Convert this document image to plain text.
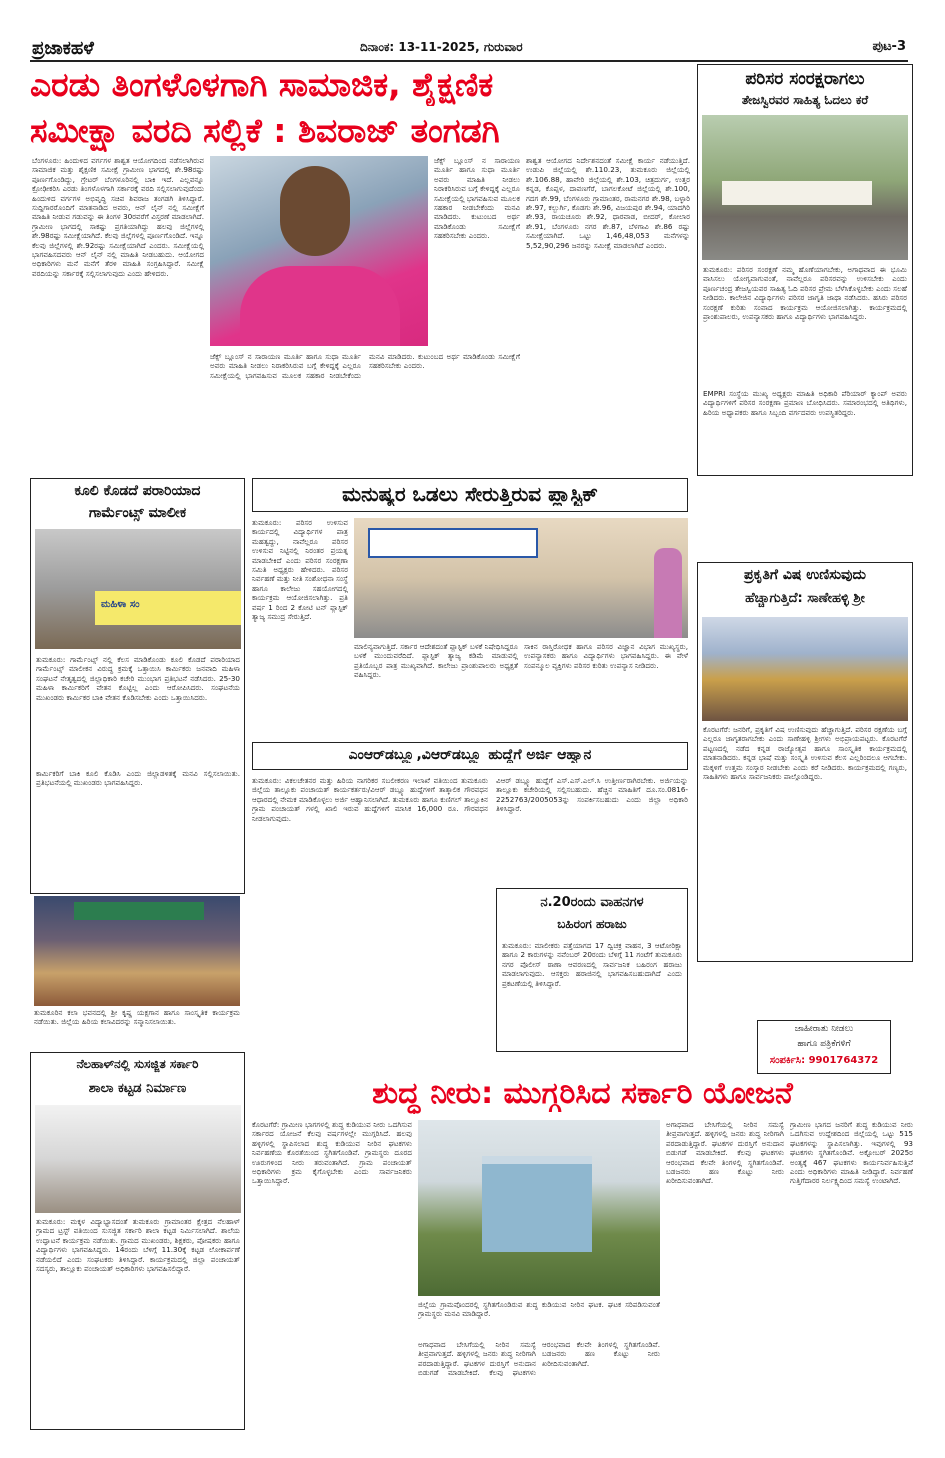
ಪ್ರಜಾಕಹಳೆ	ದಿನಾಂಕ: 13-11-2025, ಗುರುವಾರ	ಪುಟ-3
ಎರಡು ತಿಂಗಳೊಳಗಾಗಿ ಸಾಮಾಜಿಕ, ಶೈಕ್ಷಣಿಕ
ಸಮೀಕ್ಷಾ ವರದಿ ಸಲ್ಲಿಕೆ : ಶಿವರಾಜ್ ತಂಗಡಗಿ
ಬೆಂಗಳೂರು: ಹಿಂದುಳಿದ ವರ್ಗಗಳ ಶಾಶ್ವತ ಆಯೋಗದಿಂದ ನಡೆಸಲಾಗಿರುವ ಸಾಮಾಜಿಕ ಮತ್ತು ಶೈಕ್ಷಣಿಕ ಸಮೀಕ್ಷೆ ಗ್ರಾಮೀಣ ಭಾಗದಲ್ಲಿ ಶೇ.98ರಷ್ಟು ಪೂರ್ಣಗೊಂಡಿದ್ದು, ಗ್ರೇಟರ್ ಬೆಂಗಳೂರಿನಲ್ಲಿ ಬಾಕಿ ಇದೆ. ಎಲ್ಲವನ್ನೂ ಕ್ರೋಢೀಕರಿಸಿ ಎರಡು ತಿಂಗಳೊಳಗಾಗಿ ಸರ್ಕಾರಕ್ಕೆ ವರದಿ ಸಲ್ಲಿಸಲಾಗುವುದೆಂದು ಹಿಂದುಳಿದ ವರ್ಗಗಳ ಅಭಿವೃದ್ಧಿ ಸಚಿವ ಶಿವರಾಜ ತಂಗಡಗಿ ತಿಳಿಸಿದ್ದಾರೆ. ಸುದ್ದಿಗಾರರೊಂದಿಗೆ ಮಾತನಾಡಿದ ಅವರು, ಆನ್ ಲೈನ್ ನಲ್ಲಿ ಸಮೀಕ್ಷೆಗೆ ಮಾಹಿತಿ ನೀಡುವ ಗಡುವನ್ನು ಈ ತಿಂಗಳ 30ರವರೆಗೆ ವಿಸ್ತರಣೆ ಮಾಡಲಾಗಿದೆ. ಗ್ರಾಮೀಣ ಭಾಗದಲ್ಲಿ ಸಾಕಷ್ಟು ಪ್ರಗತಿಯಾಗಿದ್ದು ಹಲವು ಜಿಲ್ಲೆಗಳಲ್ಲಿ ಶೇ.98ರಷ್ಟು ಸಮೀಕ್ಷೆಯಾಗಿದೆ. ಕೆಲವು ಜಿಲ್ಲೆಗಳಲ್ಲಿ ಪೂರ್ಣಗೊಂಡಿದೆ. ಇನ್ನೂ ಕೆಲವು ಜಿಲ್ಲೆಗಳಲ್ಲಿ ಶೇ.92ರಷ್ಟು ಸಮೀಕ್ಷೆಯಾಗಿದೆ ಎಂದರು. ಸಮೀಕ್ಷೆಯಲ್ಲಿ ಭಾಗವಹಿಸದವರು ಆನ್ ಲೈನ್ ನಲ್ಲಿ ಮಾಹಿತಿ ನೀಡಬಹುದು. ಆಯೋಗದ ಅಧಿಕಾರಿಗಳು ಮನೆ ಮನೆಗೆ ತೆರಳಿ ಮಾಹಿತಿ ಸಂಗ್ರಹಿಸಿದ್ದಾರೆ. ಸಮೀಕ್ಷೆ ವರದಿಯನ್ನು ಸರ್ಕಾರಕ್ಕೆ ಸಲ್ಲಿಸಲಾಗುವುದು ಎಂದು ಹೇಳಿದರು.
ಜೆಕ್ಸ್ ಬ್ಲೂಂಸ್ ನ ಸಾರಾಯಣ ಮೂರ್ತಿ ಹಾಗೂ ಸುಧಾ ಮೂರ್ತಿ ಅವರು ಮಾಹಿತಿ ನೀಡಲು ನಿರಾಕರಿಸಿರುವ ಬಗ್ಗೆ ಕೇಳಿದ್ದಕ್ಕೆ ಎಲ್ಲರೂ ಸಮೀಕ್ಷೆಯಲ್ಲಿ ಭಾಗವಹಿಸುವ ಮೂಲಕ ಸಹಕಾರ ನೀಡಬೇಕೆಂದು ಮನವಿ ಮಾಡಿದರು. ಕುಟುಂಬದ ಅರ್ಥ ಮಾಡಿಕೊಂಡು ಸಮೀಕ್ಷೆಗೆ ಸಹಕರಿಸಬೇಕು ಎಂದರು.
ಶಾಶ್ವತ ಆಯೋಗದ ನಿರ್ದೇಶನದಂತೆ ಸಮೀಕ್ಷೆ ಕಾರ್ಯ ನಡೆಯುತ್ತಿದೆ. ಉಡುಪಿ ಜಿಲ್ಲೆಯಲ್ಲಿ ಶೇ.110.23, ತುಮಕೂರು ಜಿಲ್ಲೆಯಲ್ಲಿ ಶೇ.106.88, ಹಾವೇರಿ ಜಿಲ್ಲೆಯಲ್ಲಿ ಶೇ.103, ಚಿತ್ರದುರ್ಗ, ಉತ್ತರ ಕನ್ನಡ, ಕೊಪ್ಪಳ, ದಾವಣಗೆರೆ, ಬಾಗಲಕೋಟೆ ಜಿಲ್ಲೆಯಲ್ಲಿ ಶೇ.100, ಗದಗ ಶೇ.99, ಬೆಂಗಳೂರು ಗ್ರಾಮಾಂತರ, ರಾಮನಗರ ಶೇ.98, ಬಳ್ಳಾರಿ ಶೇ.97, ಕಲ್ಬುರ್ಗಿ, ಕೊಡಗು ಶೇ.96, ವಿಜಯಪುರ ಶೇ.94, ಯಾದಗಿರಿ ಶೇ.93, ರಾಯಚೂರು ಶೇ.92, ಧಾರವಾಡ, ಬೀದರ್, ಕೋಲಾರ ಶೇ.91, ಬೆಂಗಳೂರು ನಗರ ಶೇ.87, ಬೆಳಗಾವಿ ಶೇ.86 ರಷ್ಟು ಸಮೀಕ್ಷೆಯಾಗಿದೆ. ಒಟ್ಟು 1,46,48,053 ಮನೆಗಳನ್ನು 5,52,90,296 ಜನರನ್ನು ಸಮೀಕ್ಷೆ ಮಾಡಲಾಗಿದೆ ಎಂದರು.
ಜೆಕ್ಸ್ ಬ್ಲೂಂಸ್ ನ ಸಾರಾಯಣ ಮೂರ್ತಿ ಹಾಗೂ ಸುಧಾ ಮೂರ್ತಿ ಅವರು ಮಾಹಿತಿ ನೀಡಲು ನಿರಾಕರಿಸಿರುವ ಬಗ್ಗೆ ಕೇಳಿದ್ದಕ್ಕೆ ಎಲ್ಲರೂ ಸಮೀಕ್ಷೆಯಲ್ಲಿ ಭಾಗವಹಿಸುವ ಮೂಲಕ ಸಹಕಾರ ನೀಡಬೇಕೆಂದು ಮನವಿ ಮಾಡಿದರು. ಕುಟುಂಬದ ಅರ್ಥ ಮಾಡಿಕೊಂಡು ಸಮೀಕ್ಷೆಗೆ ಸಹಕರಿಸಬೇಕು ಎಂದರು.
ಪರಿಸರ ಸಂರಕ್ಷರಾಗಲು
ತೇಜಸ್ವಿರವರ ಸಾಹಿತ್ಯ ಓದಲು ಕರೆ
ತುಮಕೂರು: ಪರಿಸರ ಸಂರಕ್ಷಣೆ ನಮ್ಮ ಹೊಣೆಯಾಗಬೇಕು, ಅಗಾಧವಾದ ಈ ಭೂಮಿ ವಾಸಿಸಲು ಯೋಗ್ಯವಾಗುವಂತೆ, ನಾವೆಲ್ಲರೂ ಪರಿಸರವನ್ನು ಉಳಿಸಬೇಕು ಎಂದು ಪೂರ್ಣಚಂದ್ರ ತೇಜಸ್ವಿಯವರ ಸಾಹಿತ್ಯ ಓದಿ ಪರಿಸರ ಪ್ರೇಮ ಬೆಳೆಸಿಕೊಳ್ಳಬೇಕು ಎಂದು ಸಲಹೆ ನೀಡಿದರು. ಕಾಲೇಜಿನ ವಿದ್ಯಾರ್ಥಿಗಳು ಪರಿಸರ ಜಾಗೃತಿ ಜಾಥಾ ನಡೆಸಿದರು. ಹಸಿರು ಪರಿಸರ ಸಂರಕ್ಷಣೆ ಕುರಿತು ಸಂವಾದ ಕಾರ್ಯಕ್ರಮ ಆಯೋಜಿಸಲಾಗಿತ್ತು. ಕಾರ್ಯಕ್ರಮದಲ್ಲಿ ಪ್ರಾಂಶುಪಾಲರು, ಉಪನ್ಯಾಸಕರು ಹಾಗೂ ವಿದ್ಯಾರ್ಥಿಗಳು ಭಾಗವಹಿಸಿದ್ದರು.
EMPRI ಸಂಸ್ಥೆಯ ಮುಖ್ಯ ಅಧ್ಯಕ್ಷರು ಮಾಹಿತಿ ಅಧಿಕಾರಿ ಪೆರಿಯಾರ್ ಕ್ಯಾಂಪ್ ಅವರು ವಿದ್ಯಾರ್ಥಿಗಳಿಗೆ ಪರಿಸರ ಸಂರಕ್ಷಣಾ ಪ್ರಮಾಣ ಬೋಧಿಸಿದರು. ಸಮಾರಂಭದಲ್ಲಿ ಅತಿಥಿಗಳು, ಹಿರಿಯ ಅಧ್ಯಾಪಕರು ಹಾಗೂ ಸಿಬ್ಬಂದಿ ವರ್ಗದವರು ಉಪಸ್ಥಿತರಿದ್ದರು.
ಕೂಲಿ ಕೊಡದೆ ಪರಾರಿಯಾದ
ಗಾರ್ಮೆಂಟ್ಸ್ ಮಾಲೀಕ
ಮಹಿಳಾ ಸಂ
ತುಮಕೂರು: ಗಾರ್ಮೆಂಟ್ಸ್ ನಲ್ಲಿ ಕೆಲಸ ಮಾಡಿಕೊಂಡು ಕೂಲಿ ಕೊಡದೆ ಪರಾರಿಯಾದ ಗಾರ್ಮೆಂಟ್ಸ್ ಮಾಲೀಕನ ವಿರುದ್ಧ ಕ್ರಮಕ್ಕೆ ಒತ್ತಾಯಿಸಿ ಕಾರ್ಮಿಕರು ಜನವಾದಿ ಮಹಿಳಾ ಸಂಘಟನೆ ನೇತೃತ್ವದಲ್ಲಿ ಜಿಲ್ಲಾಧಿಕಾರಿ ಕಚೇರಿ ಮುಂಭಾಗ ಪ್ರತಿಭಟನೆ ನಡೆಸಿದರು. 25-30 ಮಹಿಳಾ ಕಾರ್ಮಿಕರಿಗೆ ವೇತನ ಕೊಟ್ಟಿಲ್ಲ ಎಂದು ಆರೋಪಿಸಿದರು. ಸಂಘಟನೆಯ ಮುಖಂಡರು ಕಾರ್ಮಿಕರ ಬಾಕಿ ವೇತನ ಕೊಡಿಸಬೇಕು ಎಂದು ಒತ್ತಾಯಿಸಿದರು.
ಕಾರ್ಮಿಕರಿಗೆ ಬಾಕಿ ಕೂಲಿ ಕೊಡಿಸಿ ಎಂದು ಜಿಲ್ಲಾಡಳಿತಕ್ಕೆ ಮನವಿ ಸಲ್ಲಿಸಲಾಯಿತು. ಪ್ರತಿಭಟನೆಯಲ್ಲಿ ಮುಖಂಡರು ಭಾಗವಹಿಸಿದ್ದರು.
ತುಮಕೂರಿನ ಕಲಾ ಭವನದಲ್ಲಿ ಶ್ರೀ ಕೃಷ್ಣ ಯಕ್ಷಗಾನ ಹಾಗೂ ಸಾಂಸ್ಕೃತಿಕ ಕಾರ್ಯಕ್ರಮ ನಡೆಯಿತು. ಜಿಲ್ಲೆಯ ಹಿರಿಯ ಕಲಾವಿದರನ್ನು ಸನ್ಮಾನಿಸಲಾಯಿತು.
ನೆಲಹಾಳ್‌ನಲ್ಲಿ ಸುಸಜ್ಜಿತ ಸರ್ಕಾರಿ
ಶಾಲಾ ಕಟ್ಟಡ ನಿರ್ಮಾಣ
ತುಮಕೂರು: ಮಕ್ಕಳ ವಿದ್ಯಾಭ್ಯಾಸದಂತೆ ತುಮಕೂರು ಗ್ರಾಮಾಂತರ ಕ್ಷೇತ್ರದ ನೆಲಹಾಳ್ ಗ್ರಾಮದ ಟ್ರಸ್ಟ್ ವತಿಯಿಂದ ಸುಸಜ್ಜಿತ ಸರ್ಕಾರಿ ಶಾಲಾ ಕಟ್ಟಡ ನಿರ್ಮಿಸಲಾಗಿದೆ. ಶಾಲೆಯ ಉದ್ಘಾಟನೆ ಕಾರ್ಯಕ್ರಮ ನಡೆಯಿತು. ಗ್ರಾಮದ ಮುಖಂಡರು, ಶಿಕ್ಷಕರು, ಪೋಷಕರು ಹಾಗೂ ವಿದ್ಯಾರ್ಥಿಗಳು ಭಾಗವಹಿಸಿದ್ದರು. 14ರಂದು ಬೆಳಿಗ್ಗೆ 11.30ಕ್ಕೆ ಕಟ್ಟಡ ಲೋಕಾರ್ಪಣೆ ನಡೆಯಲಿದೆ ಎಂದು ಸಂಘಟಕರು ತಿಳಿಸಿದ್ದಾರೆ. ಕಾರ್ಯಕ್ರಮದಲ್ಲಿ ಜಿಲ್ಲಾ ಪಂಚಾಯತ್ ಸದಸ್ಯರು, ತಾಲ್ಲೂಕು ಪಂಚಾಯತ್ ಅಧಿಕಾರಿಗಳು ಭಾಗವಹಿಸಲಿದ್ದಾರೆ.
ಮನುಷ್ಯರ ಒಡಲು ಸೇರುತ್ತಿರುವ ಪ್ಲಾಸ್ಟಿಕ್
ತುಮಕೂರು: ಪರಿಸರ ಉಳಿಸುವ ಕಾರ್ಯದಲ್ಲಿ ವಿದ್ಯಾರ್ಥಿಗಳ ಪಾತ್ರ ಮಹತ್ವದ್ದು, ನಾವೆಲ್ಲರೂ ಪರಿಸರ ಉಳಿಸುವ ನಿಟ್ಟಿನಲ್ಲಿ ನಿರಂತರ ಪ್ರಯತ್ನ ಮಾಡಬೇಕಿದೆ ಎಂದು ಪರಿಸರ ಸಂರಕ್ಷಣಾ ಸಮಿತಿ ಅಧ್ಯಕ್ಷರು ಹೇಳಿದರು. ಪರಿಸರ ನಿರ್ವಹಣೆ ಮತ್ತು ನೀತಿ ಸಂಶೋಧನಾ ಸಂಸ್ಥೆ ಹಾಗೂ ಕಾಲೇಜು ಸಹಯೋಗದಲ್ಲಿ ಕಾರ್ಯಕ್ರಮ ಆಯೋಜಿಸಲಾಗಿತ್ತು. ಪ್ರತಿ ವರ್ಷ 1 ರಿಂದ 2 ಕೋಟಿ ಟನ್ ಪ್ಲಾಸ್ಟಿಕ್ ತ್ಯಾಜ್ಯ ಸಮುದ್ರ ಸೇರುತ್ತಿದೆ.
ಮಾಲಿನ್ಯವಾಗುತ್ತಿದೆ. ಸರ್ಕಾರ ಆದೇಶದಂತೆ ಪ್ಲಾಸ್ಟಿಕ್ ಬಳಕೆ ನಿಷೇಧಿಸಿದ್ದರೂ ಬಳಕೆ ಮುಂದುವರೆದಿದೆ. ಪ್ಲಾಸ್ಟಿಕ್ ತ್ಯಾಜ್ಯ ಕಡಿಮೆ ಮಾಡುವಲ್ಲಿ ಪ್ರತಿಯೊಬ್ಬರ ಪಾತ್ರ ಮುಖ್ಯವಾಗಿದೆ. ಕಾಲೇಜು ಪ್ರಾಂಶುಪಾಲರು ಅಧ್ಯಕ್ಷತೆ ವಹಿಸಿದ್ದರು.
ಸಾಕಿನ ರಾಸ್ತಿರೋಧಕ ಹಾಗೂ ಪರಿಸರ ವಿಜ್ಞಾನ ವಿಭಾಗ ಮುಖ್ಯಸ್ಥರು, ಉಪನ್ಯಾಸಕರು ಹಾಗೂ ವಿದ್ಯಾರ್ಥಿಗಳು ಭಾಗವಹಿಸಿದ್ದರು. ಈ ವೇಳೆ ಸಂಪನ್ಮೂಲ ವ್ಯಕ್ತಿಗಳು ಪರಿಸರ ಕುರಿತು ಉಪನ್ಯಾಸ ನೀಡಿದರು.
ಪ್ರಕೃತಿಗೆ ವಿಷ ಉಣಿಸುವುದು
ಹೆಚ್ಚಾಗುತ್ತಿದೆ: ಸಾಣೇಹಳ್ಳಿ ಶ್ರೀ
ಕೊರಟಗೆರೆ: ಜನರಿಗೆ, ಪ್ರಕೃತಿಗೆ ವಿಷ ಉಣಿಸುವುದು ಹೆಚ್ಚಾಗುತ್ತಿದೆ. ಪರಿಸರ ರಕ್ಷಣೆಯ ಬಗ್ಗೆ ಎಲ್ಲರೂ ಜಾಗೃತರಾಗಬೇಕು ಎಂದು ಸಾಣೇಹಳ್ಳಿ ಶ್ರೀಗಳು ಅಭಿಪ್ರಾಯಪಟ್ಟರು. ಕೊರಟಗೆರೆ ಪಟ್ಟಣದಲ್ಲಿ ನಡೆದ ಕನ್ನಡ ರಾಜ್ಯೋತ್ಸವ ಹಾಗೂ ಸಾಂಸ್ಕೃತಿಕ ಕಾರ್ಯಕ್ರಮದಲ್ಲಿ ಮಾತನಾಡಿದರು. ಕನ್ನಡ ಭಾಷೆ ಮತ್ತು ಸಂಸ್ಕೃತಿ ಉಳಿಸುವ ಕೆಲಸ ಎಲ್ಲರಿಂದಲೂ ಆಗಬೇಕು. ಮಕ್ಕಳಿಗೆ ಉತ್ತಮ ಸಂಸ್ಕಾರ ನೀಡಬೇಕು ಎಂದು ಕರೆ ನೀಡಿದರು. ಕಾರ್ಯಕ್ರಮದಲ್ಲಿ ಗಣ್ಯರು, ಸಾಹಿತಿಗಳು ಹಾಗೂ ಸಾರ್ವಜನಿಕರು ಪಾಲ್ಗೊಂಡಿದ್ದರು.
ಜಾಹೀರಾತು ನೀಡಲು
ಹಾಗೂ ಪತ್ರಿಕೆಗಳಿಗೆ
ಸಂಪರ್ಕಿಸಿ: 9901764372
ಎಂಆರ್‌ಡಬ್ಲ್ಯೂ,ವಿಆರ್‌ಡಬ್ಲ್ಯೂ ಹುದ್ದೆಗೆ ಅರ್ಜಿ ಆಹ್ವಾನ
ತುಮಕೂರು: ವಿಕಲಚೇತನರ ಮತ್ತು ಹಿರಿಯ ನಾಗರಿಕರ ಸಬಲೀಕರಣ ಇಲಾಖೆ ವತಿಯಿಂದ ತುಮಕೂರು ಜಿಲ್ಲೆಯ ತಾಲ್ಲೂಕು ಪಂಚಾಯತ್ ಕಾರ್ಯಕರ್ತರು/ವಿಆರ್ ಡಬ್ಲ್ಯೂ ಹುದ್ದೆಗಳಿಗೆ ತಾತ್ಕಾಲಿಕ ಗೌರವಧನ ಆಧಾರದಲ್ಲಿ ನೇಮಕ ಮಾಡಿಕೊಳ್ಳಲು ಅರ್ಜಿ ಆಹ್ವಾನಿಸಲಾಗಿದೆ. ತುಮಕೂರು ಹಾಗೂ ಕುಣಿಗಲ್ ತಾಲ್ಲೂಕಿನ ಗ್ರಾಮ ಪಂಚಾಯತ್ ಗಳಲ್ಲಿ ಖಾಲಿ ಇರುವ ಹುದ್ದೆಗಳಿಗೆ ಮಾಸಿಕ 16,000 ರೂ. ಗೌರವಧನ ನೀಡಲಾಗುವುದು.
ವಿಆರ್ ಡಬ್ಲ್ಯೂ ಹುದ್ದೆಗೆ ಎಸ್.ಎಸ್.ಎಲ್.ಸಿ ಉತ್ತೀರ್ಣರಾಗಿರಬೇಕು. ಅರ್ಜಿಯನ್ನು ತಾಲ್ಲೂಕು ಕಚೇರಿಯಲ್ಲಿ ಸಲ್ಲಿಸಬಹುದು. ಹೆಚ್ಚಿನ ಮಾಹಿತಿಗೆ ದೂ.ಸಂ.0816-2252763/2005053ನ್ನು ಸಂಪರ್ಕಿಸಬಹುದು ಎಂದು ಜಿಲ್ಲಾ ಅಧಿಕಾರಿ ತಿಳಿಸಿದ್ದಾರೆ.
ನ.20ರಂದು ವಾಹನಗಳ
ಬಹಿರಂಗ ಹರಾಜು
ತುಮಕೂರು: ಮಾಲೀಕರು ಪತ್ತೆಯಾಗದ 17 ದ್ವಿಚಕ್ರ ವಾಹನ, 3 ಆಟೋರಿಕ್ಷಾ ಹಾಗೂ 2 ಕಾರುಗಳನ್ನು ನವೆಂಬರ್ 20ರಂದು ಬೆಳಿಗ್ಗೆ 11 ಗಂಟೆಗೆ ತುಮಕೂರು ನಗರ ಪೊಲೀಸ್ ಠಾಣಾ ಆವರಣದಲ್ಲಿ ಸಾರ್ವಜನಿಕ ಬಹಿರಂಗ ಹರಾಜು ಮಾಡಲಾಗುವುದು. ಆಸಕ್ತರು ಹರಾಜಿನಲ್ಲಿ ಭಾಗವಹಿಸಬಹುದಾಗಿದೆ ಎಂದು ಪ್ರಕಟಣೆಯಲ್ಲಿ ತಿಳಿಸಿದ್ದಾರೆ.
ಶುದ್ಧ ನೀರು: ಮುಗ್ಗರಿಸಿದ ಸರ್ಕಾರಿ ಯೋಜನೆ
ಕೊರಟಗೆರೆ: ಗ್ರಾಮೀಣ ಭಾಗಗಳಲ್ಲಿ ಶುದ್ಧ ಕುಡಿಯುವ ನೀರು ಒದಗಿಸುವ ಸರ್ಕಾರದ ಯೋಜನೆ ಕೆಲವು ವರ್ಷಗಳಲ್ಲೇ ಮುಗ್ಗರಿಸಿದೆ. ಹಲವು ಹಳ್ಳಿಗಳಲ್ಲಿ ಸ್ಥಾಪಿಸಲಾದ ಶುದ್ಧ ಕುಡಿಯುವ ನೀರಿನ ಘಟಕಗಳು ನಿರ್ವಹಣೆಯ ಕೊರತೆಯಿಂದ ಸ್ಥಗಿತಗೊಂಡಿವೆ. ಗ್ರಾಮಸ್ಥರು ದೂರದ ಊರುಗಳಿಂದ ನೀರು ತರುವಂತಾಗಿದೆ. ಗ್ರಾಮ ಪಂಚಾಯತ್ ಅಧಿಕಾರಿಗಳು ಕ್ರಮ ಕೈಗೊಳ್ಳಬೇಕು ಎಂದು ಸಾರ್ವಜನಿಕರು ಒತ್ತಾಯಿಸಿದ್ದಾರೆ.
ಜಿಲ್ಲೆಯ ಗ್ರಾಮವೊಂದರಲ್ಲಿ ಸ್ಥಗಿತಗೊಂಡಿರುವ ಶುದ್ಧ ಕುಡಿಯುವ ನೀರಿನ ಘಟಕ. ಘಟಕ ಸರಿಪಡಿಸುವಂತೆ ಗ್ರಾಮಸ್ಥರು ಮನವಿ ಮಾಡಿದ್ದಾರೆ.
ಅಗಾಧವಾದ ಬೇಸಿಗೆಯಲ್ಲಿ ನೀರಿನ ಸಮಸ್ಯೆ ತೀವ್ರವಾಗುತ್ತದೆ. ಹಳ್ಳಿಗಳಲ್ಲಿ ಜನರು ಶುದ್ಧ ನೀರಿಗಾಗಿ ಪರದಾಡುತ್ತಿದ್ದಾರೆ. ಘಟಕಗಳ ದುರಸ್ತಿಗೆ ಅನುದಾನ ಬಿಡುಗಡೆ ಮಾಡಬೇಕಿದೆ. ಕೆಲವು ಘಟಕಗಳು ಆರಂಭವಾದ ಕೆಲವೇ ತಿಂಗಳಲ್ಲಿ ಸ್ಥಗಿತಗೊಂಡಿವೆ. ಬಡಜನರು ಹಣ ಕೊಟ್ಟು ನೀರು ಖರೀದಿಸುವಂತಾಗಿದೆ.
ಅಗಾಧವಾದ ಬೇಸಿಗೆಯಲ್ಲಿ ನೀರಿನ ಸಮಸ್ಯೆ ತೀವ್ರವಾಗುತ್ತದೆ. ಹಳ್ಳಿಗಳಲ್ಲಿ ಜನರು ಶುದ್ಧ ನೀರಿಗಾಗಿ ಪರದಾಡುತ್ತಿದ್ದಾರೆ. ಘಟಕಗಳ ದುರಸ್ತಿಗೆ ಅನುದಾನ ಬಿಡುಗಡೆ ಮಾಡಬೇಕಿದೆ. ಕೆಲವು ಘಟಕಗಳು ಆರಂಭವಾದ ಕೆಲವೇ ತಿಂಗಳಲ್ಲಿ ಸ್ಥಗಿತಗೊಂಡಿವೆ. ಬಡಜನರು ಹಣ ಕೊಟ್ಟು ನೀರು ಖರೀದಿಸುವಂತಾಗಿದೆ.
ಗ್ರಾಮೀಣ ಭಾಗದ ಜನರಿಗೆ ಶುದ್ಧ ಕುಡಿಯುವ ನೀರು ಒದಗಿಸುವ ಉದ್ದೇಶದಿಂದ ಜಿಲ್ಲೆಯಲ್ಲಿ ಒಟ್ಟು 515 ಘಟಕಗಳನ್ನು ಸ್ಥಾಪಿಸಲಾಗಿತ್ತು. ಇವುಗಳಲ್ಲಿ 93 ಘಟಕಗಳು ಸ್ಥಗಿತಗೊಂಡಿವೆ. ಅಕ್ಟೋಬರ್ 2025ರ ಅಂತ್ಯಕ್ಕೆ 467 ಘಟಕಗಳು ಕಾರ್ಯನಿರ್ವಹಿಸುತ್ತಿವೆ ಎಂದು ಅಧಿಕಾರಿಗಳು ಮಾಹಿತಿ ನೀಡಿದ್ದಾರೆ. ನಿರ್ವಹಣೆ ಗುತ್ತಿಗೆದಾರರ ನಿರ್ಲಕ್ಷ್ಯದಿಂದ ಸಮಸ್ಯೆ ಉಂಟಾಗಿದೆ.
